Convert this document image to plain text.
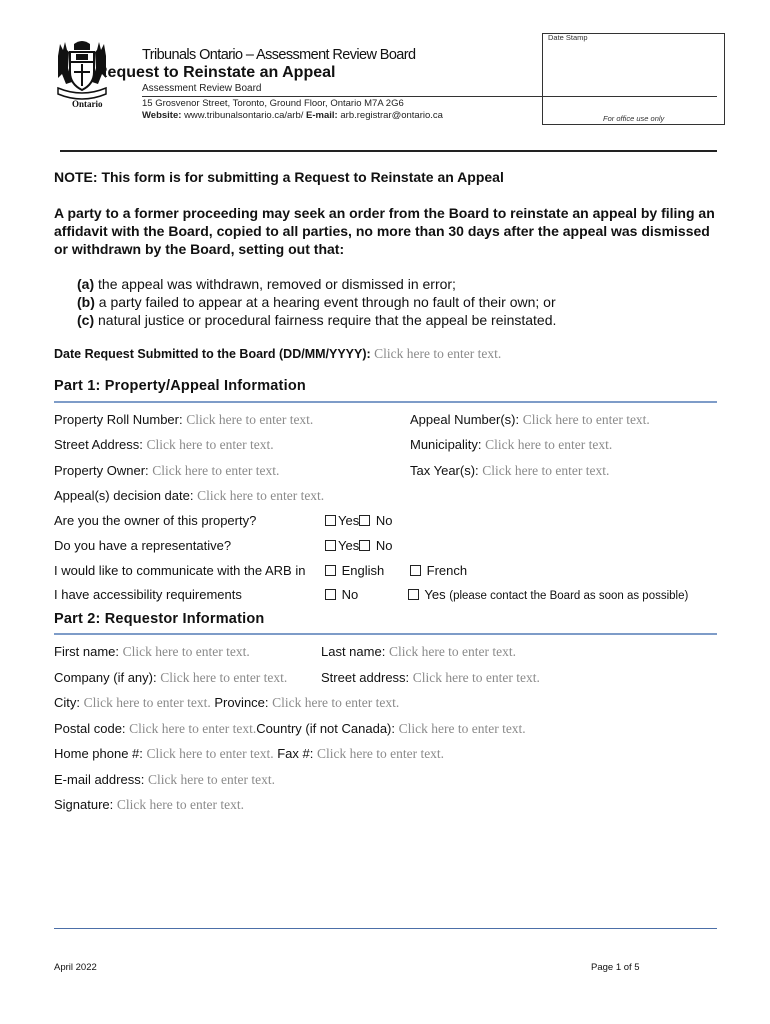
Ontario
Tribunals Ontario – Assessment Review Board
Request to Reinstate an Appeal
Assessment Review Board
15 Grosvenor Street, Toronto, Ground Floor, Ontario M7A 2G6
Website: www.tribunalsontario.ca/arb/ E-mail: arb.registrar@ontario.ca
Date Stamp
For office use only
NOTE: This form is for submitting a Request to Reinstate an Appeal
A party to a former proceeding may seek an order from the Board to reinstate an appeal by filing an affidavit with the Board, copied to all parties, no more than 30 days after the appeal was dismissed or withdrawn by the Board, setting out that:
(a) the appeal was withdrawn, removed or dismissed in error;
(b) a party failed to appear at a hearing event through no fault of their own; or
(c) natural justice or procedural fairness require that the appeal be reinstated.
Date Request Submitted to the Board (DD/MM/YYYY): Click here to enter text.
Part 1: Property/Appeal Information
Property Roll Number: Click here to enter text.	Appeal Number(s): Click here to enter text.
Street Address: Click here to enter text.	Municipality: Click here to enter text.
Property Owner: Click here to enter text.	Tax Year(s): Click here to enter text.
Appeal(s) decision date: Click here to enter text.
Are you the owner of this property?	Yes No
Do you have a representative?	Yes No
I would like to communicate with the ARB in	English	French
I have accessibility requirements	No	Yes (please contact the Board as soon as possible)
Part 2: Requestor Information
First name: Click here to enter text.	Last name: Click here to enter text.
Company (if any): Click here to enter text.	Street address: Click here to enter text.
City: Click here to enter text. Province: Click here to enter text.
Postal code: Click here to enter text.Country (if not Canada): Click here to enter text.
Home phone #: Click here to enter text. Fax #: Click here to enter text.
E-mail address: Click here to enter text.
Signature: Click here to enter text.
April 2022	Page 1 of 5
